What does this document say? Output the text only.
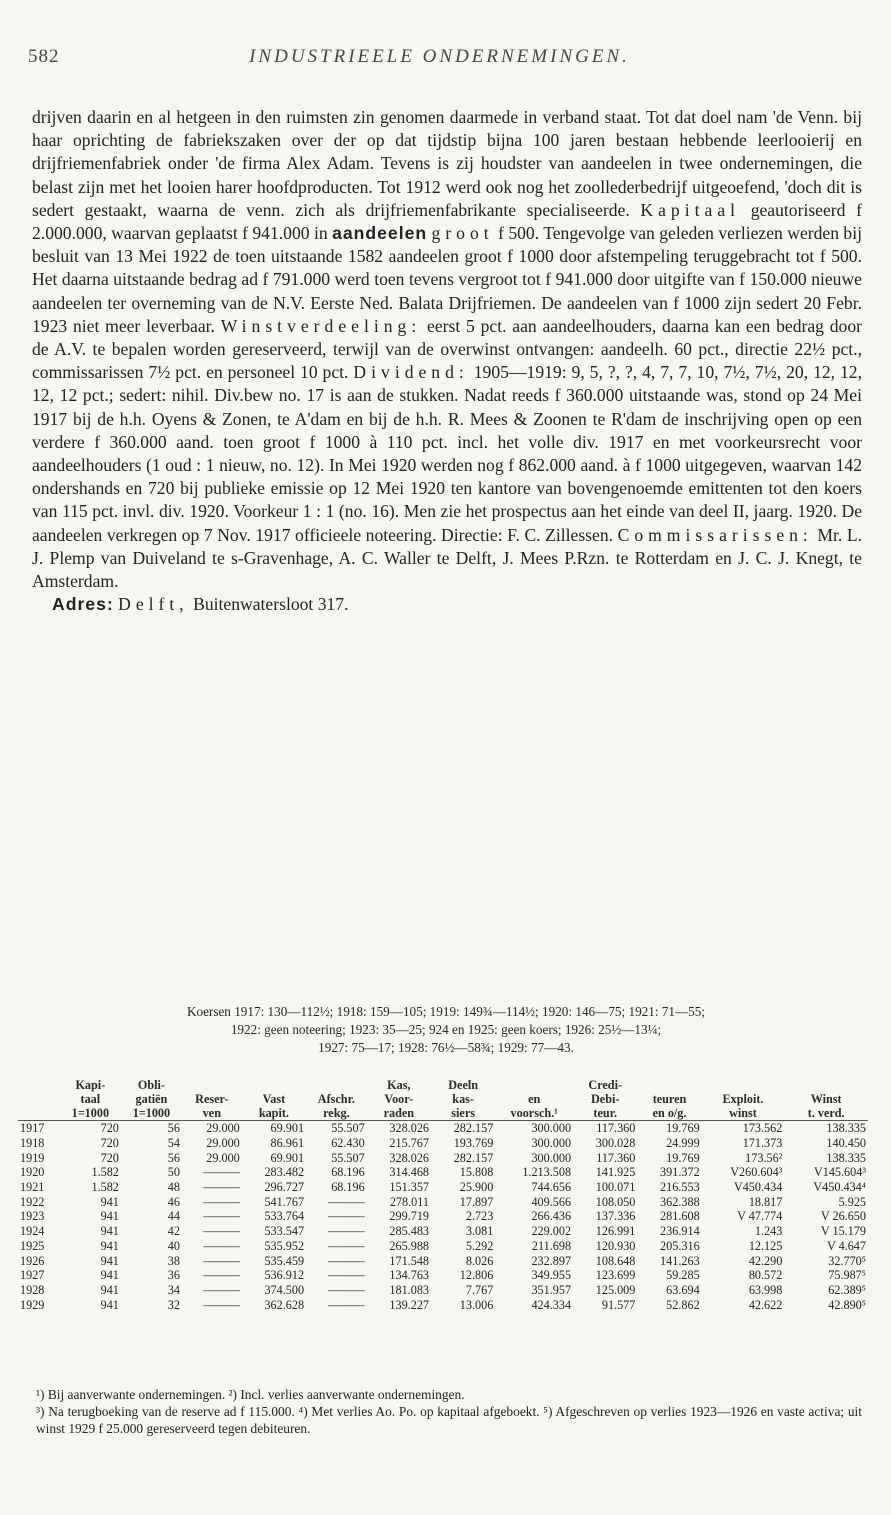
582	INDUSTRIEELE ONDERNEMINGEN.

drijven daarin en al hetgeen in den ruimsten zin genomen daarmede in verband staat. Tot dat doel nam 'de Venn. bij haar oprichting de fabriekszaken over der op dat tijdstip bijna 100 jaren bestaan hebbende leerlooierij en drijfriemenfabriek onder 'de firma Alex Adam. Tevens is zij houdster van aandeelen in twee ondernemingen, die belast zijn met het looien harer hoofdproducten. Tot 1912 werd ook nog het zoollederbedrijf uitgeoefend, 'doch dit is sedert gestaakt, waarna de venn. zich als drijfriemenfabrikante specialiseerde. Kapitaal geautoriseerd f 2.000.000, waarvan geplaatst f 941.000 in aandeelen groot f 500. Tengevolge van geleden verliezen werden bij besluit van 13 Mei 1922 de toen uitstaande 1582 aandeelen groot f 1000 door afstempeling teruggebracht tot f 500. Het daarna uitstaande bedrag ad f 791.000 werd toen tevens vergroot tot f 941.000 door uitgifte van f 150.000 nieuwe aandeelen ter overneming van de N.V. Eerste Ned. Balata Drijfriemen. De aandeelen van f 1000 zijn sedert 20 Febr. 1923 niet meer leverbaar. Winstverdeeling: eerst 5 pct. aan aandeelhouders, daarna kan een bedrag door de A.V. te bepalen worden gereserveerd, terwijl van de overwinst ontvangen: aandeelh. 60 pct., directie 22½ pct., commissarissen 7½ pct. en personeel 10 pct. Dividend: 1905—1919: 9, 5, ?, ?, 4, 7, 7, 10, 7½, 7½, 20, 12, 12, 12, 12 pct.; sedert: nihil. Div.bew no. 17 is aan de stukken. Nadat reeds f 360.000 uitstaande was, stond op 24 Mei 1917 bij de h.h. Oyens & Zonen, te A'dam en bij de h.h. R. Mees & Zoonen te R'dam de inschrijving open op een verdere f 360.000 aand. toen groot f 1000 à 110 pct. incl. het volle div. 1917 en met voorkeursrecht voor aandeelhouders (1 oud : 1 nieuw, no. 12). In Mei 1920 werden nog f 862.000 aand. à f 1000 uitgegeven, waarvan 142 ondershands en 720 bij publieke emissie op 12 Mei 1920 ten kantore van bovengenoemde emittenten tot den koers van 115 pct. invl. div. 1920. Voorkeur 1 : 1 (no. 16). Men zie het prospectus aan het einde van deel II, jaarg. 1920. De aandeelen verkregen op 7 Nov. 1917 officieele noteering. Directie: F. C. Zillessen. Commissarissen: Mr. L. J. Plemp van Duiveland te s-Gravenhage, A. C. Waller te Delft, J. Mees P.Rzn. te Rotterdam en J. C. J. Knegt, te Amsterdam.

Adres: Delft, Buitenwatersloot 317.

Koersen 1917: 130—112½; 1918: 159—105; 1919: 149¾—114½; 1920: 146—75; 1921: 71—55;
1922: geen noteering; 1923: 35—25; 924 en 1925: geen koers; 1926: 25½—13¼;
1927: 75—17; 1928: 76½—58¾; 1929: 77—43.
	Kapi-	Obli-				Kas,	Deeln		Credi-			
	taal	gatiën	Reser-	Vast	Afschr.	Voor-	kas-	en	Debi-	teuren	Exploit.	Winst
	1=1000	1=1000	ven	kapit.	rekg.	raden	siers	voorsch.¹	teur.	en o/g.	winst	t. verd.
1917	720	56	29.000	69.901	55.507	328.026	282.157	300.000	117.360	19.769	173.562	138.335
1918	720	54	29.000	86.961	62.430	215.767	193.769	300.000	300.028	24.999	171.373	140.450
1919	720	56	29.000	69.901	55.507	328.026	282.157	300.000	117.360	19.769	173.56²	138.335
1920	1.582	50	———	283.482	68.196	314.468	15.808	1.213.508	141.925	391.372	V260.604³	V145.604³
1921	1.582	48	———	296.727	68.196	151.357	25.900	744.656	100.071	216.553	V450.434	V450.434⁴
1922	941	46	———	541.767	———	278.011	17.897	409.566	108.050	362.388	18.817	5.925
1923	941	44	———	533.764	———	299.719	2.723	266.436	137.336	281.608	V 47.774	V 26.650
1924	941	42	———	533.547	———	285.483	3.081	229.002	126.991	236.914	1.243	V 15.179
1925	941	40	———	535.952	———	265.988	5.292	211.698	120.930	205.316	12.125	V 4.647
1926	941	38	———	535.459	———	171.548	8.026	232.897	108.648	141.263	42.290	32.770⁵
1927	941	36	———	536.912	———	134.763	12.806	349.955	123.699	59.285	80.572	75.987⁵
1928	941	34	———	374.500	———	181.083	7.767	351.957	125.009	63.694	63.998	62.389⁵
1929	941	32	———	362.628	———	139.227	13.006	424.334	91.577	52.862	42.622	42.890⁵

¹) Bij aanverwante ondernemingen. ²) Incl. verlies aanverwante ondernemingen.

³) Na terugboeking van de reserve ad f 115.000. ⁴) Met verlies Ao. Po. op kapitaal afgeboekt. ⁵) Afgeschreven op verlies 1923—1926 en vaste activa; uit winst 1929 f 25.000 gereserveerd tegen debiteuren.
